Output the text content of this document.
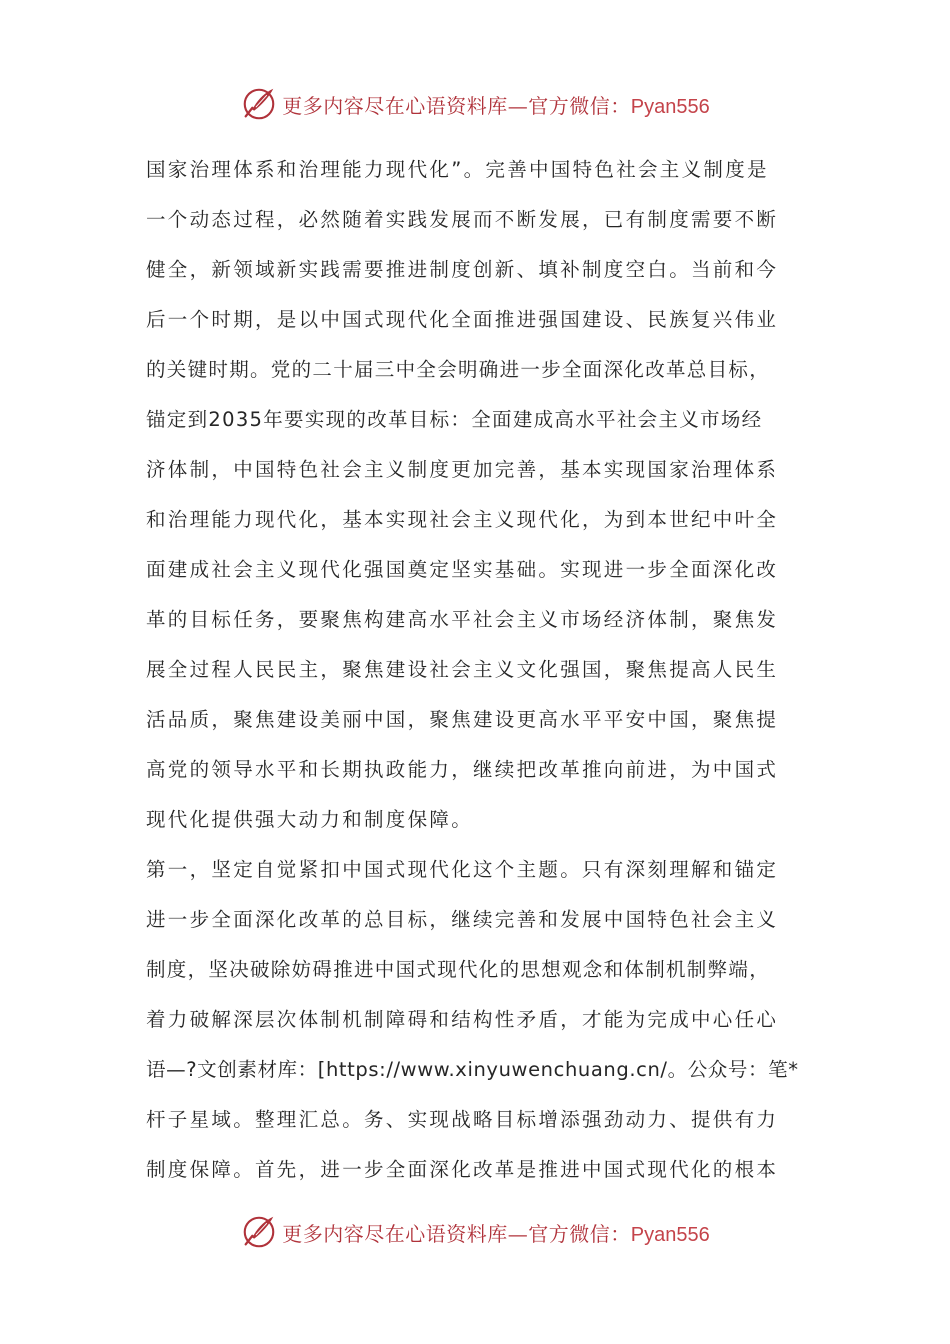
更多内容尽在心语资料库—官方微信：Pyan556
国家治理体系和治理能力现代化”。完善中国特色社会主义制度是
一个动态过程，必然随着实践发展而不断发展，已有制度需要不断
健全，新领域新实践需要推进制度创新、填补制度空白。当前和今
后一个时期，是以中国式现代化全面推进强国建设、民族复兴伟业
的关键时期。党的二十届三中全会明确进一步全面深化改革总目标，
锚定到2035年要实现的改革目标：全面建成高水平社会主义市场经
济体制，中国特色社会主义制度更加完善，基本实现国家治理体系
和治理能力现代化，基本实现社会主义现代化，为到本世纪中叶全
面建成社会主义现代化强国奠定坚实基础。实现进一步全面深化改
革的目标任务，要聚焦构建高水平社会主义市场经济体制，聚焦发
展全过程人民民主，聚焦建设社会主义文化强国，聚焦提高人民生
活品质，聚焦建设美丽中国，聚焦建设更高水平平安中国，聚焦提
高党的领导水平和长期执政能力，继续把改革推向前进，为中国式
现代化提供强大动力和制度保障。
第一，坚定自觉紧扣中国式现代化这个主题。只有深刻理解和锚定
进一步全面深化改革的总目标，继续完善和发展中国特色社会主义
制度，坚决破除妨碍推进中国式现代化的思想观念和体制机制弊端，
着力破解深层次体制机制障碍和结构性矛盾，才能为完成中心任心
语—?文创素材库：[https://www.xinyuwenchuang.cn/。公众号：笔*
杆子星域。整理汇总。务、实现战略目标增添强劲动力、提供有力
制度保障。首先，进一步全面深化改革是推进中国式现代化的根本
更多内容尽在心语资料库—官方微信：Pyan556
